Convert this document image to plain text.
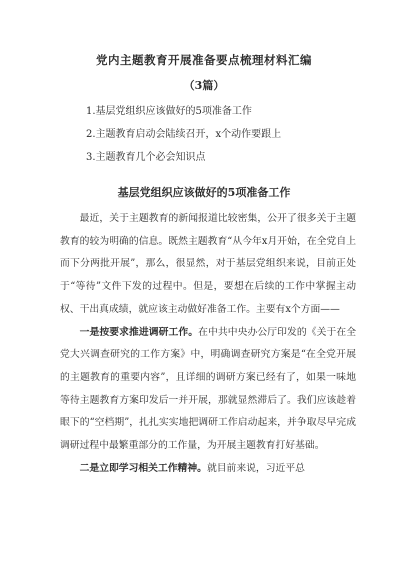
党内主题教育开展准备要点梳理材料汇编
（3篇）
1.基层党组织应该做好的5项准备工作
2.主题教育启动会陆续召开，x个动作要跟上
3.主题教育几个必会知识点
基层党组织应该做好的5项准备工作

最近，关于主题教育的新闻报道比较密集，公开了很多关于主题教育的较为明确的信息。既然主题教育“从今年x月开始，在全党自上而下分两批开展”，那么，很显然，对于基层党组织来说，目前正处于“等待”文件下发的过程中。但是，要想在后续的工作中掌握主动权、干出真成绩，就应该主动做好准备工作。主要有x个方面——

一是按要求推进调研工作。在中共中央办公厅印发的《关于在全党大兴调查研究的工作方案》中，明确调查研究方案是“在全党开展的主题教育的重要内容”，且详细的调研方案已经有了，如果一味地等待主题教育方案印发后一并开展，那就显然滞后了。我们应该趁着眼下的“空档期”，扎扎实实地把调研工作启动起来，并争取尽早完成调研过程中最繁重部分的工作量，为开展主题教育打好基础。

二是立即学习相关工作精神。就目前来说，习近平总
